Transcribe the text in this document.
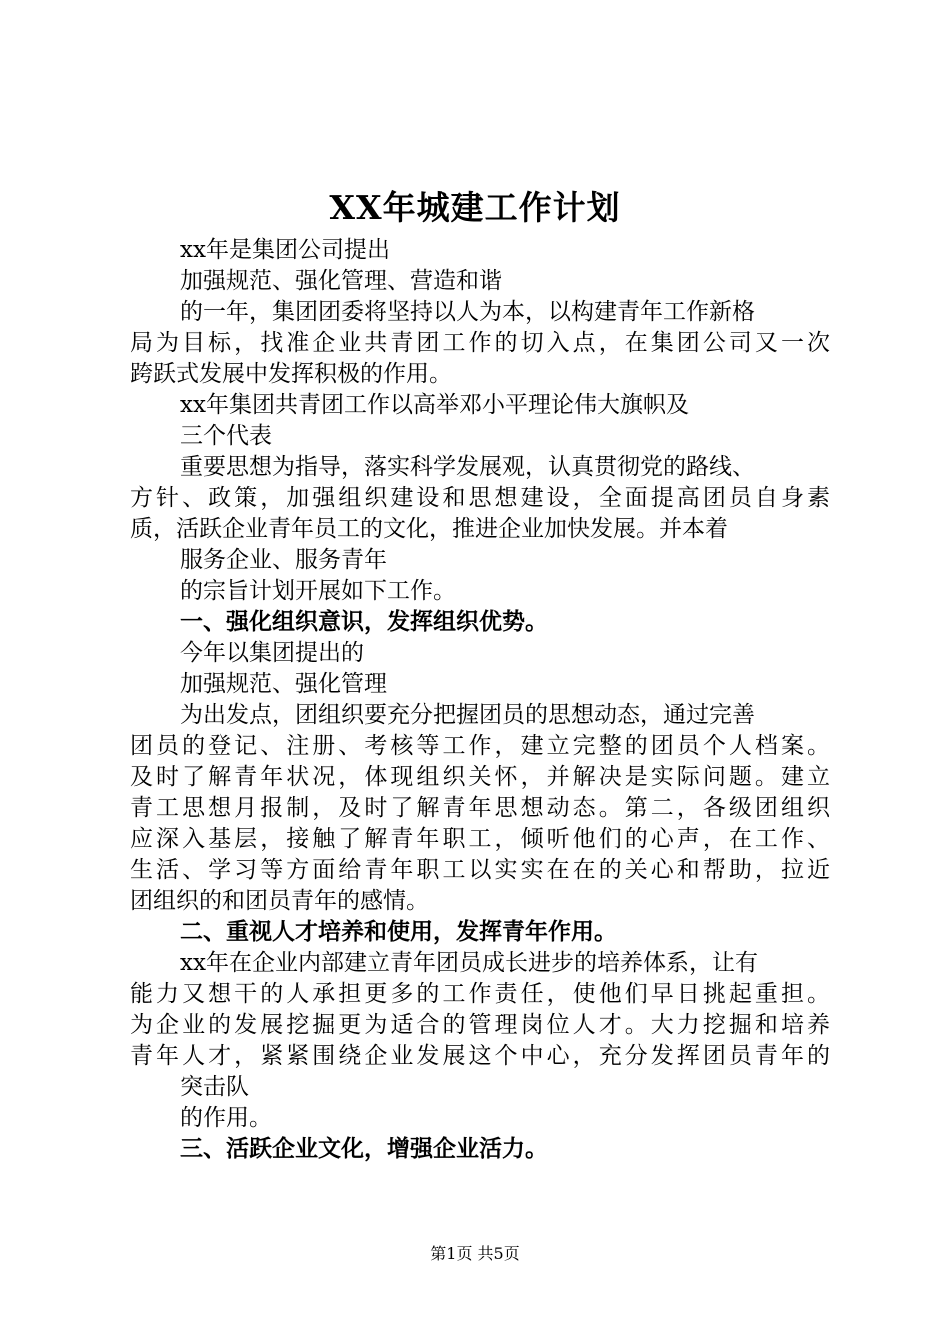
XX年城建工作计划
xx年是集团公司提出
加强规范、强化管理、营造和谐
的一年，集团团委将坚持以人为本，以构建青年工作新格
局为目标，找准企业共青团工作的切入点，在集团公司又一次
跨跃式发展中发挥积极的作用。
xx年集团共青团工作以高举邓小平理论伟大旗帜及
三个代表
重要思想为指导，落实科学发展观，认真贯彻党的路线、
方针、政策，加强组织建设和思想建设，全面提高团员自身素
质，活跃企业青年员工的文化，推进企业加快发展。并本着
服务企业、服务青年
的宗旨计划开展如下工作。
一、强化组织意识，发挥组织优势。
今年以集团提出的
加强规范、强化管理
为出发点，团组织要充分把握团员的思想动态，通过完善
团员的登记、注册、考核等工作，建立完整的团员个人档案。
及时了解青年状况，体现组织关怀，并解决是实际问题。建立
青工思想月报制，及时了解青年思想动态。第二，各级团组织
应深入基层，接触了解青年职工，倾听他们的心声，在工作、
生活、学习等方面给青年职工以实实在在的关心和帮助，拉近
团组织的和团员青年的感情。
二、重视人才培养和使用，发挥青年作用。
xx年在企业内部建立青年团员成长进步的培养体系，让有
能力又想干的人承担更多的工作责任，使他们早日挑起重担。
为企业的发展挖掘更为适合的管理岗位人才。大力挖掘和培养
青年人才，紧紧围绕企业发展这个中心，充分发挥团员青年的
突击队
的作用。
三、活跃企业文化，增强企业活力。
第1页 共5页
